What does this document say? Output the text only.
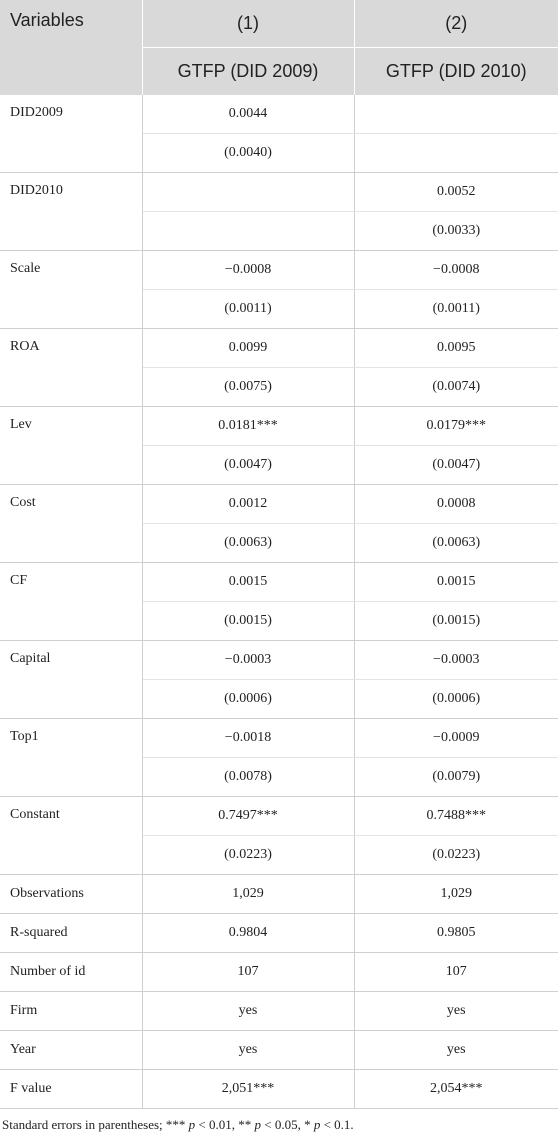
Variables	(1)	(2)
	GTFP (DID 2009)	GTFP (DID 2010)
DID2009	0.0044	
	(0.0040)	
DID2010		0.0052
		(0.0033)
Scale	−0.0008	−0.0008
	(0.0011)	(0.0011)
ROA	0.0099	0.0095
	(0.0075)	(0.0074)
Lev	0.0181***	0.0179***
	(0.0047)	(0.0047)
Cost	0.0012	0.0008
	(0.0063)	(0.0063)
CF	0.0015	0.0015
	(0.0015)	(0.0015)
Capital	−0.0003	−0.0003
	(0.0006)	(0.0006)
Top1	−0.0018	−0.0009
	(0.0078)	(0.0079)
Constant	0.7497***	0.7488***
	(0.0223)	(0.0223)
Observations	1,029	1,029
R-squared	0.9804	0.9805
Number of id	107	107
Firm	yes	yes
Year	yes	yes
F value	2,051***	2,054***
Standard errors in parentheses; *** p < 0.01, ** p < 0.05, * p < 0.1.
